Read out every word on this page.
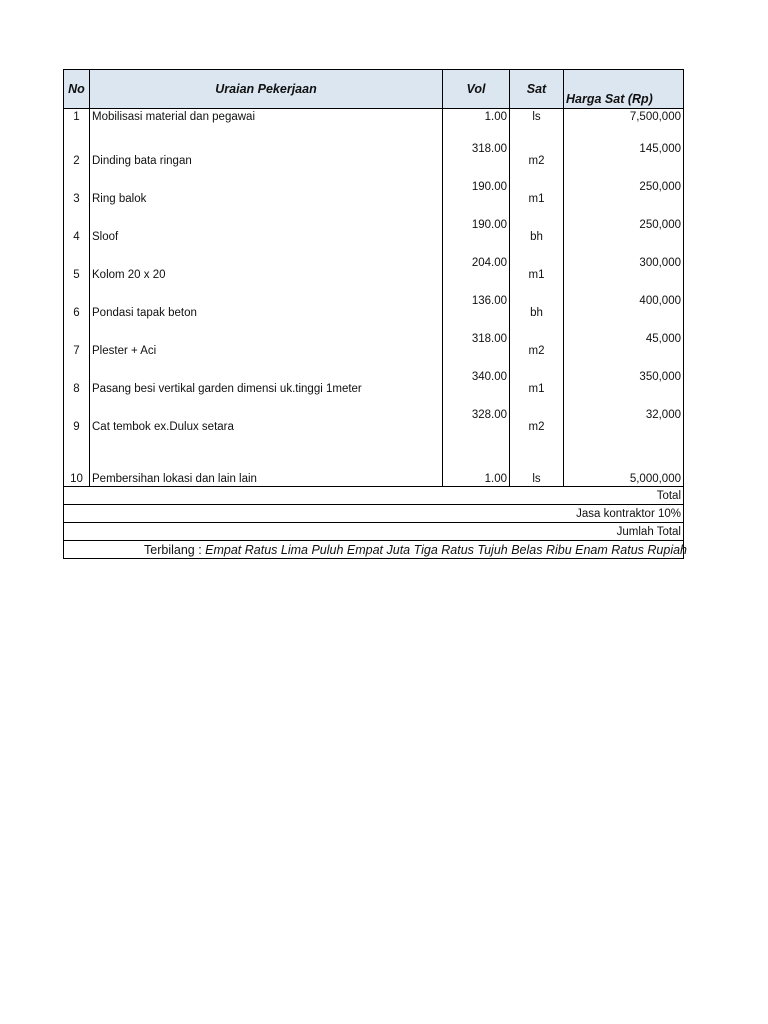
No	Uraian Pekerjaan	Vol	Sat	Harga Sat (Rp)
1	Mobilisasi material dan pegawai	1.00	ls	7,500,000
2	Dinding bata ringan	318.00	m2	145,000
3	Ring balok	190.00	m1	250,000
4	Sloof	190.00	bh	250,000
5	Kolom 20 x 20	204.00	m1	300,000
6	Pondasi tapak beton	136.00	bh	400,000
7	Plester + Aci	318.00	m2	45,000
8	Pasang besi vertikal garden dimensi uk.tinggi 1meter	340.00	m1	350,000
9	Cat tembok ex.Dulux setara	328.00	m2	32,000
10	Pembersihan lokasi dan lain lain	1.00	ls	5,000,000
Total				
Jasa kontraktor 10%				
Jumlah Total				
Terbilang : Empat Ratus Lima Puluh Empat Juta Tiga Ratus Tujuh Belas Ribu Enam Ratus Rupiah				
